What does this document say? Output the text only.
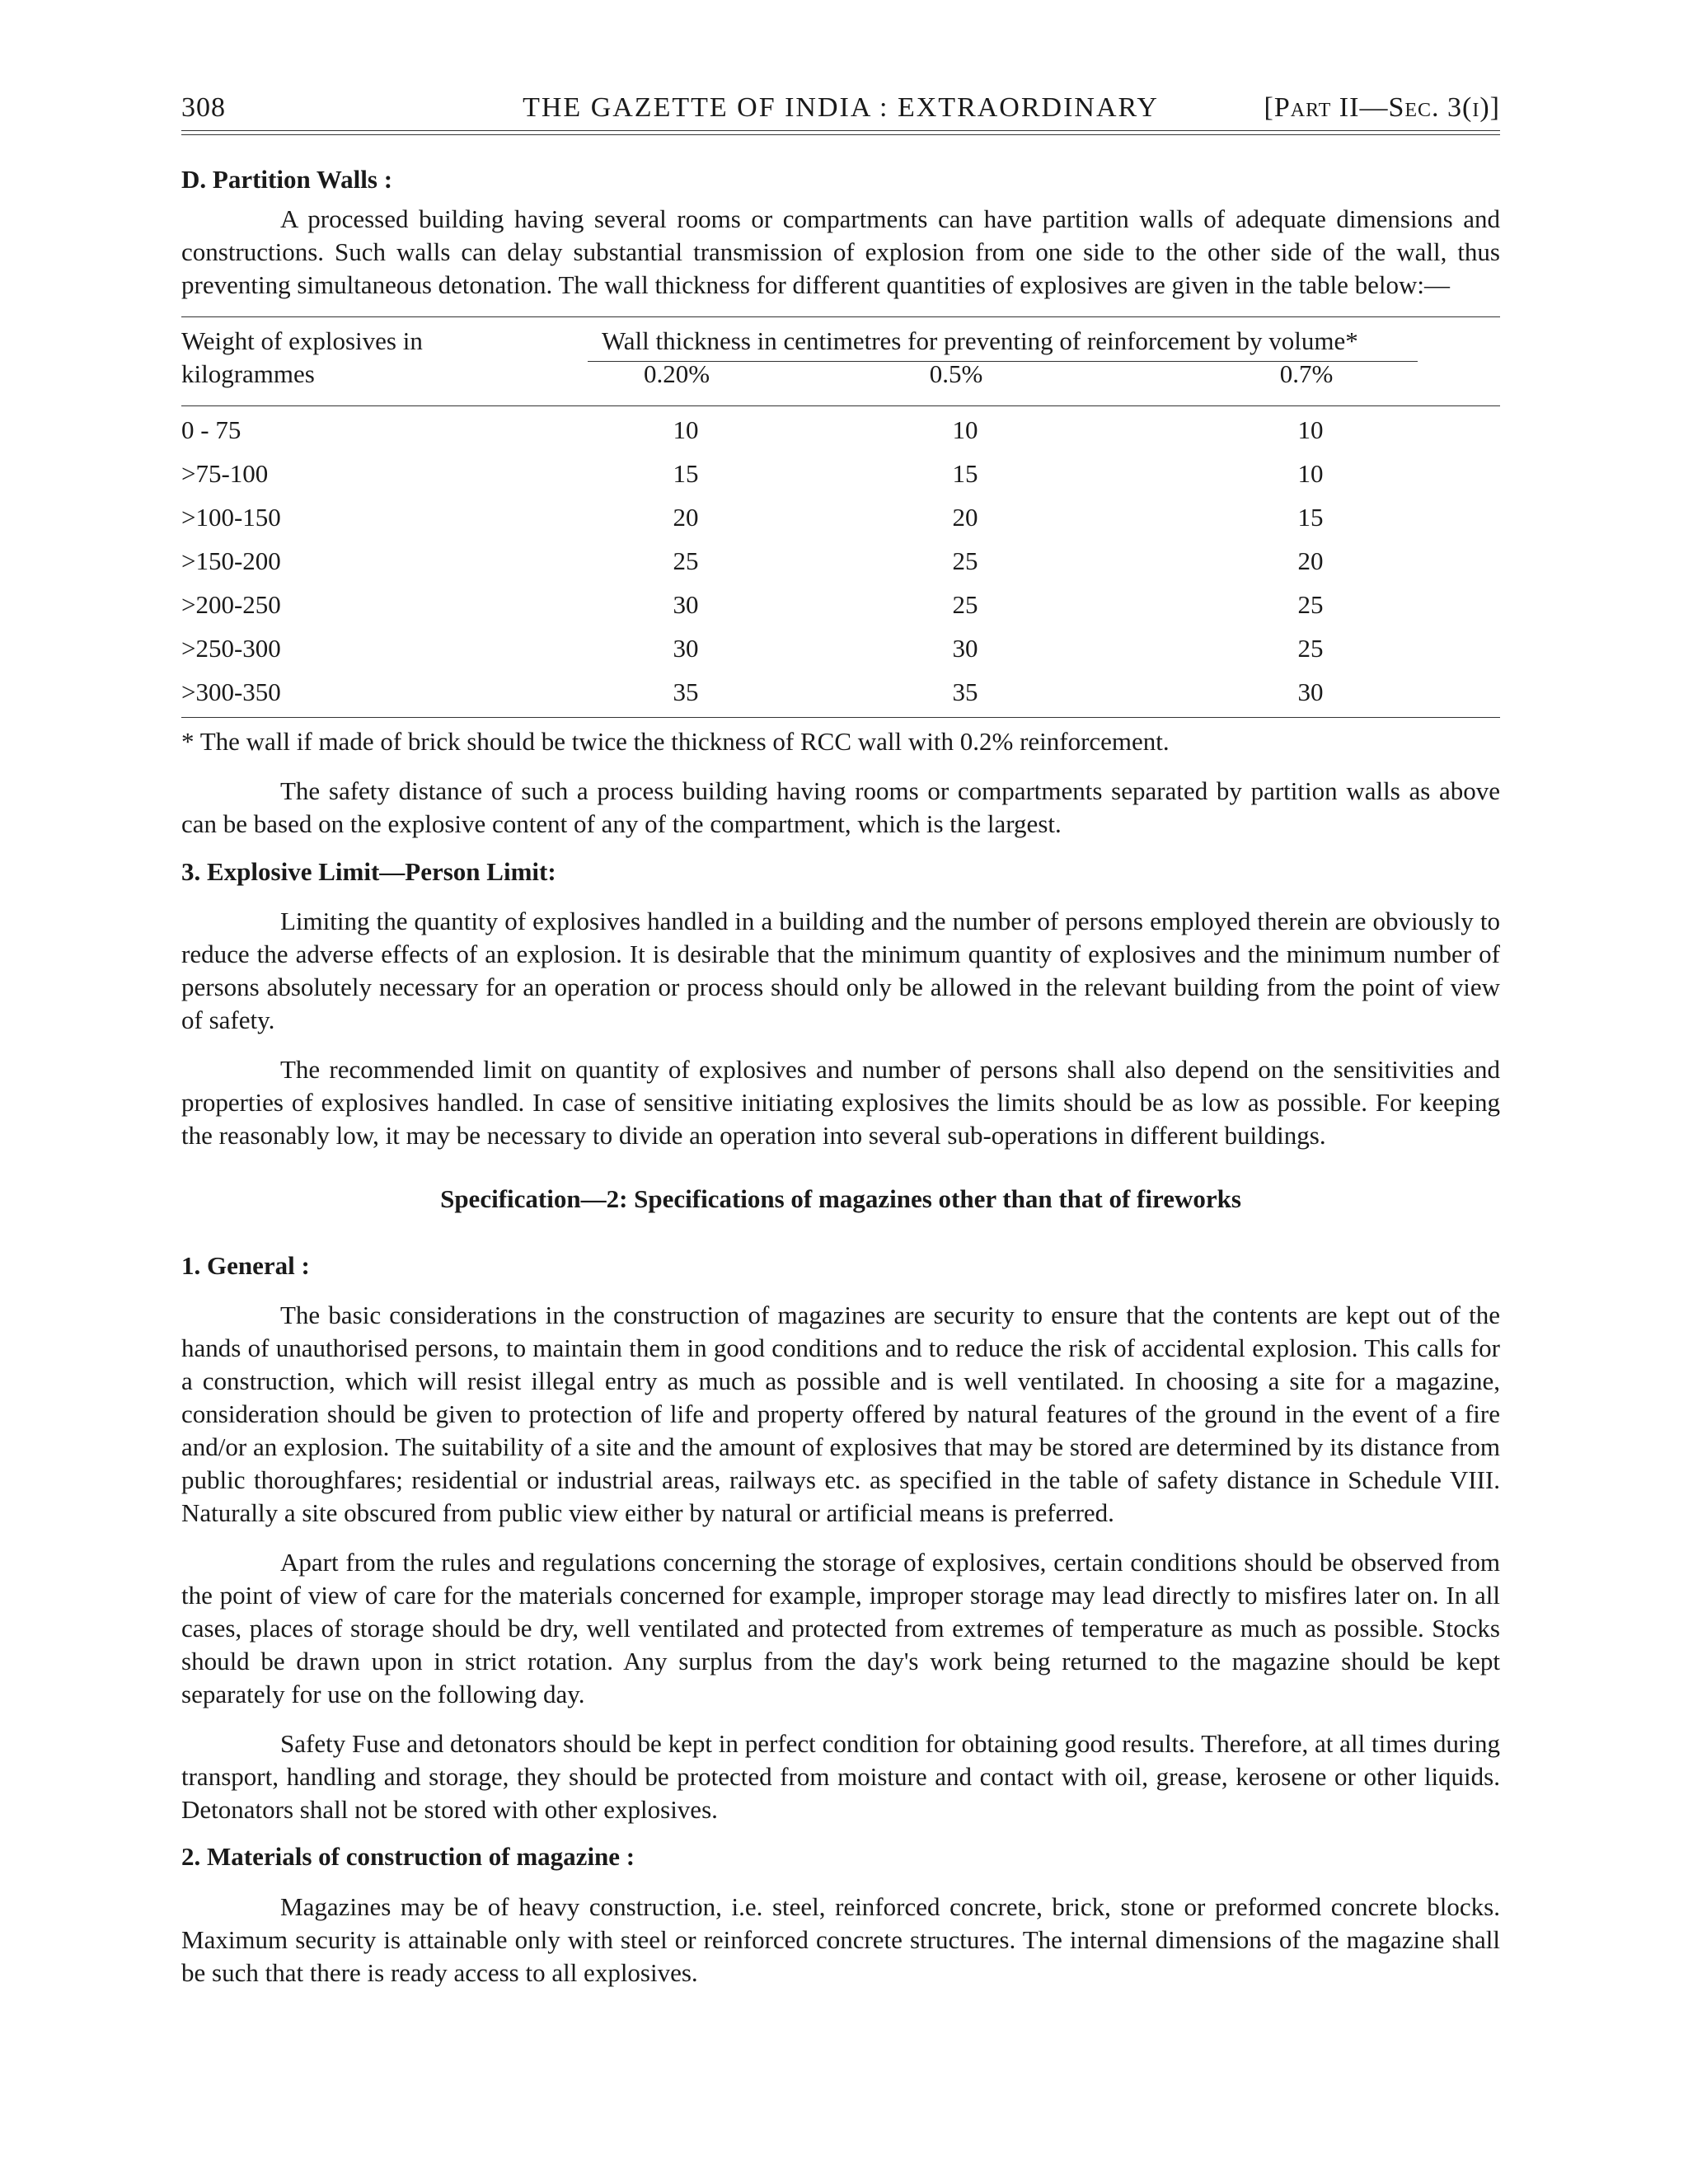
308	THE GAZETTE OF INDIA : EXTRAORDINARY	[Part II—Sec. 3(i)]
D. Partition Walls :
A processed building having several rooms or compartments can have partition walls of adequate dimensions and constructions. Such walls can delay substantial transmission of explosion from one side to the other side of the wall, thus preventing simultaneous detonation. The wall thickness for different quantities of explosives are given in the table below:—
Weight of explosives in
kilogrammes
Wall thickness in centimetres for preventing of reinforcement by volume*
0.20%	0.5%	0.7%
0 - 75	10	10	10
>75-100	15	15	10
>100-150	20	20	15
>150-200	25	25	20
>200-250	30	25	25
>250-300	30	30	25
>300-350	35	35	30
* The wall if made of brick should be twice the thickness of RCC wall with 0.2% reinforcement.
The safety distance of such a process building having rooms or compartments separated by partition walls as above can be based on the explosive content of any of the compartment, which is the largest.
3. Explosive Limit—Person Limit:
Limiting the quantity of explosives handled in a building and the number of persons employed therein are obviously to reduce the adverse effects of an explosion. It is desirable that the minimum quantity of explosives and the minimum number of persons absolutely necessary for an operation or process should only be allowed in the relevant building from the point of view of safety.
The recommended limit on quantity of explosives and number of persons shall also depend on the sensitivities and properties of explosives handled. In case of sensitive initiating explosives the limits should be as low as possible. For keeping the reasonably low, it may be necessary to divide an operation into several sub-operations in different buildings.
Specification—2: Specifications of magazines other than that of fireworks
1. General :
The basic considerations in the construction of magazines are security to ensure that the contents are kept out of the hands of unauthorised persons, to maintain them in good conditions and to reduce the risk of accidental explosion. This calls for a construction, which will resist illegal entry as much as possible and is well ventilated. In choosing a site for a magazine, consideration should be given to protection of life and property offered by natural features of the ground in the event of a fire and/or an explosion. The suitability of a site and the amount of explosives that may be stored are determined by its distance from public thoroughfares; residential or industrial areas, railways etc. as specified in the table of safety distance in Schedule VIII. Naturally a site obscured from public view either by natural or artificial means is preferred.
Apart from the rules and regulations concerning the storage of explosives, certain conditions should be observed from the point of view of care for the materials concerned for example, improper storage may lead directly to misfires later on. In all cases, places of storage should be dry, well ventilated and protected from extremes of temperature as much as possible. Stocks should be drawn upon in strict rotation. Any surplus from the day's work being returned to the magazine should be kept separately for use on the following day.
Safety Fuse and detonators should be kept in perfect condition for obtaining good results. Therefore, at all times during transport, handling and storage, they should be protected from moisture and contact with oil, grease, kerosene or other liquids. Detonators shall not be stored with other explosives.
2. Materials of construction of magazine :
Magazines may be of heavy construction, i.e. steel, reinforced concrete, brick, stone or preformed concrete blocks. Maximum security is attainable only with steel or reinforced concrete structures. The internal dimensions of the magazine shall be such that there is ready access to all explosives.
